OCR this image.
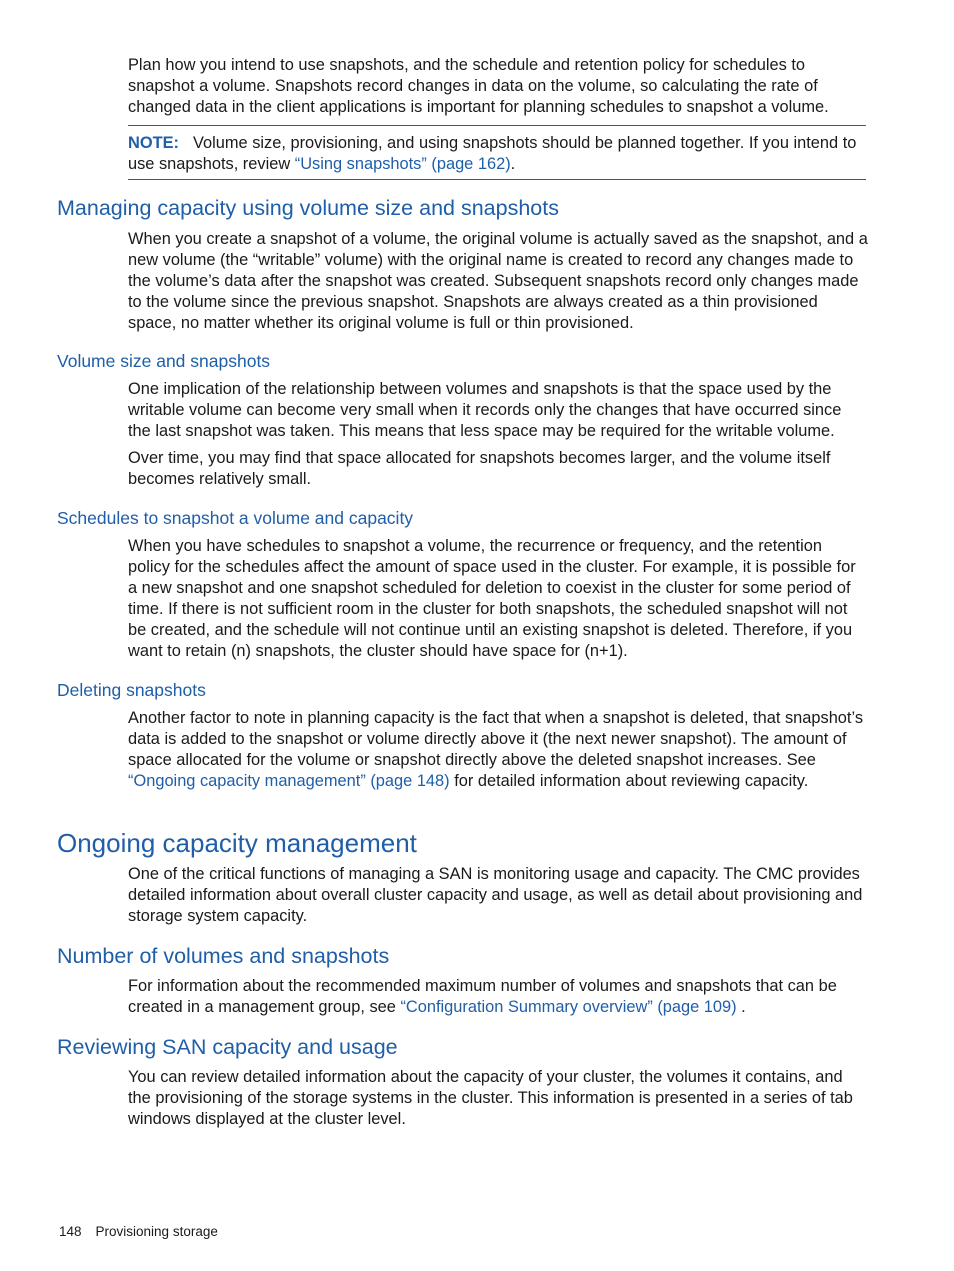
Plan how you intend to use snapshots, and the schedule and retention policy for schedules to snapshot a volume. Snapshots record changes in data on the volume, so calculating the rate of changed data in the client applications is important for planning schedules to snapshot a volume.

NOTE: Volume size, provisioning, and using snapshots should be planned together. If you intend to use snapshots, review “Using snapshots” (page 162).
Managing capacity using volume size and snapshots

When you create a snapshot of a volume, the original volume is actually saved as the snapshot, and a new volume (the “writable” volume) with the original name is created to record any changes made to the volume’s data after the snapshot was created. Subsequent snapshots record only changes made to the volume since the previous snapshot. Snapshots are always created as a thin provisioned space, no matter whether its original volume is full or thin provisioned.

Volume size and snapshots

One implication of the relationship between volumes and snapshots is that the space used by the writable volume can become very small when it records only the changes that have occurred since the last snapshot was taken. This means that less space may be required for the writable volume.

Over time, you may find that space allocated for snapshots becomes larger, and the volume itself becomes relatively small.

Schedules to snapshot a volume and capacity

When you have schedules to snapshot a volume, the recurrence or frequency, and the retention policy for the schedules affect the amount of space used in the cluster. For example, it is possible for a new snapshot and one snapshot scheduled for deletion to coexist in the cluster for some period of time. If there is not sufficient room in the cluster for both snapshots, the scheduled snapshot will not be created, and the schedule will not continue until an existing snapshot is deleted. Therefore, if you want to retain (n) snapshots, the cluster should have space for (n+1).

Deleting snapshots

Another factor to note in planning capacity is the fact that when a snapshot is deleted, that snapshot’s data is added to the snapshot or volume directly above it (the next newer snapshot). The amount of space allocated for the volume or snapshot directly above the deleted snapshot increases. See “Ongoing capacity management” (page 148) for detailed information about reviewing capacity.

Ongoing capacity management

One of the critical functions of managing a SAN is monitoring usage and capacity. The CMC provides detailed information about overall cluster capacity and usage, as well as detail about provisioning and storage system capacity.

Number of volumes and snapshots

For information about the recommended maximum number of volumes and snapshots that can be created in a management group, see “Configuration Summary overview” (page 109) .

Reviewing SAN capacity and usage

You can review detailed information about the capacity of your cluster, the volumes it contains, and the provisioning of the storage systems in the cluster. This information is presented in a series of tab windows displayed at the cluster level.

148 Provisioning storage
